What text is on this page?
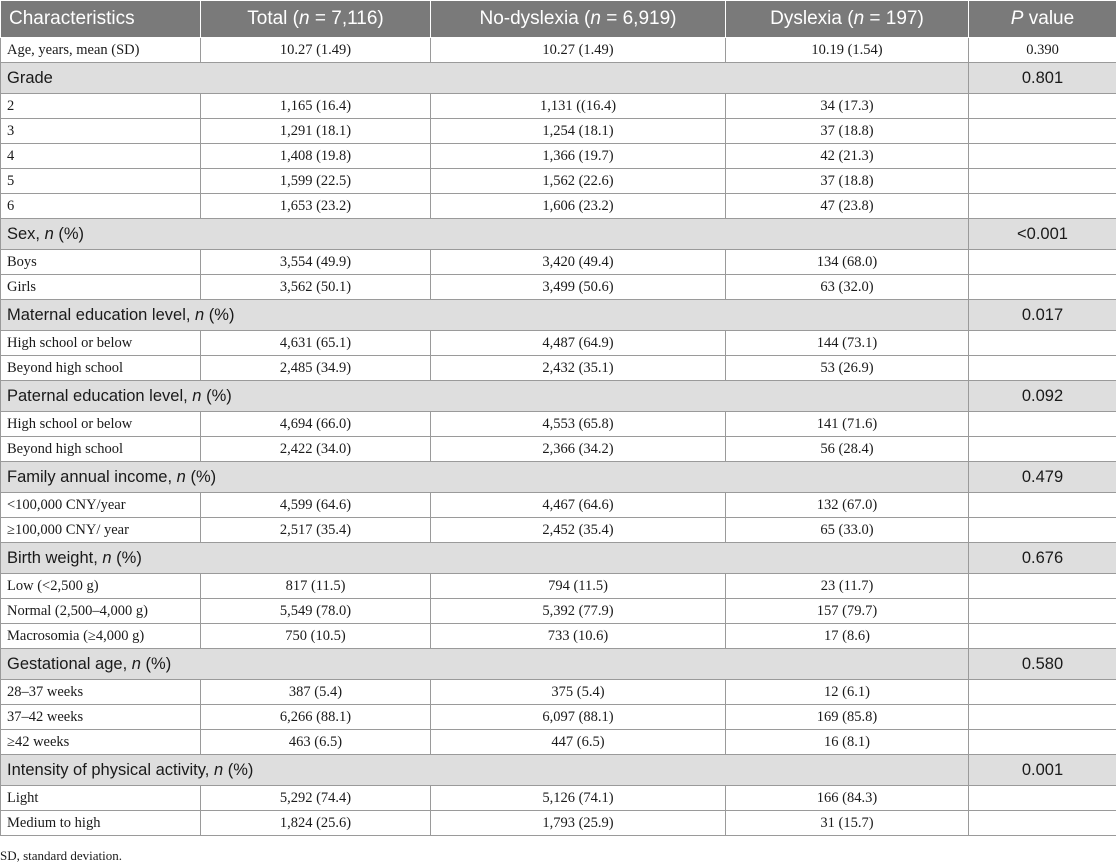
Characteristics	Total (n = 7,116)	No-dyslexia (n = 6,919)	Dyslexia (n = 197)	P value
Age, years, mean (SD)	10.27 (1.49)	10.27 (1.49)	10.19 (1.54)	0.390
Grade				0.801
2	1,165 (16.4)	1,131 ((16.4)	34 (17.3)	
3	1,291 (18.1)	1,254 (18.1)	37 (18.8)	
4	1,408 (19.8)	1,366 (19.7)	42 (21.3)	
5	1,599 (22.5)	1,562 (22.6)	37 (18.8)	
6	1,653 (23.2)	1,606 (23.2)	47 (23.8)	
Sex, n (%)				<0.001
Boys	3,554 (49.9)	3,420 (49.4)	134 (68.0)	
Girls	3,562 (50.1)	3,499 (50.6)	63 (32.0)	
Maternal education level, n (%)				0.017
High school or below	4,631 (65.1)	4,487 (64.9)	144 (73.1)	
Beyond high school	2,485 (34.9)	2,432 (35.1)	53 (26.9)	
Paternal education level, n (%)				0.092
High school or below	4,694 (66.0)	4,553 (65.8)	141 (71.6)	
Beyond high school	2,422 (34.0)	2,366 (34.2)	56 (28.4)	
Family annual income, n (%)				0.479
<100,000 CNY/year	4,599 (64.6)	4,467 (64.6)	132 (67.0)	
≥100,000 CNY/ year	2,517 (35.4)	2,452 (35.4)	65 (33.0)	
Birth weight, n (%)				0.676
Low (<2,500 g)	817 (11.5)	794 (11.5)	23 (11.7)	
Normal (2,500–4,000 g)	5,549 (78.0)	5,392 (77.9)	157 (79.7)	
Macrosomia (≥4,000 g)	750 (10.5)	733 (10.6)	17 (8.6)	
Gestational age, n (%)				0.580
28–37 weeks	387 (5.4)	375 (5.4)	12 (6.1)	
37–42 weeks	6,266 (88.1)	6,097 (88.1)	169 (85.8)	
≥42 weeks	463 (6.5)	447 (6.5)	16 (8.1)	
Intensity of physical activity, n (%)				0.001
Light	5,292 (74.4)	5,126 (74.1)	166 (84.3)	
Medium to high	1,824 (25.6)	1,793 (25.9)	31 (15.7)	
SD, standard deviation.
